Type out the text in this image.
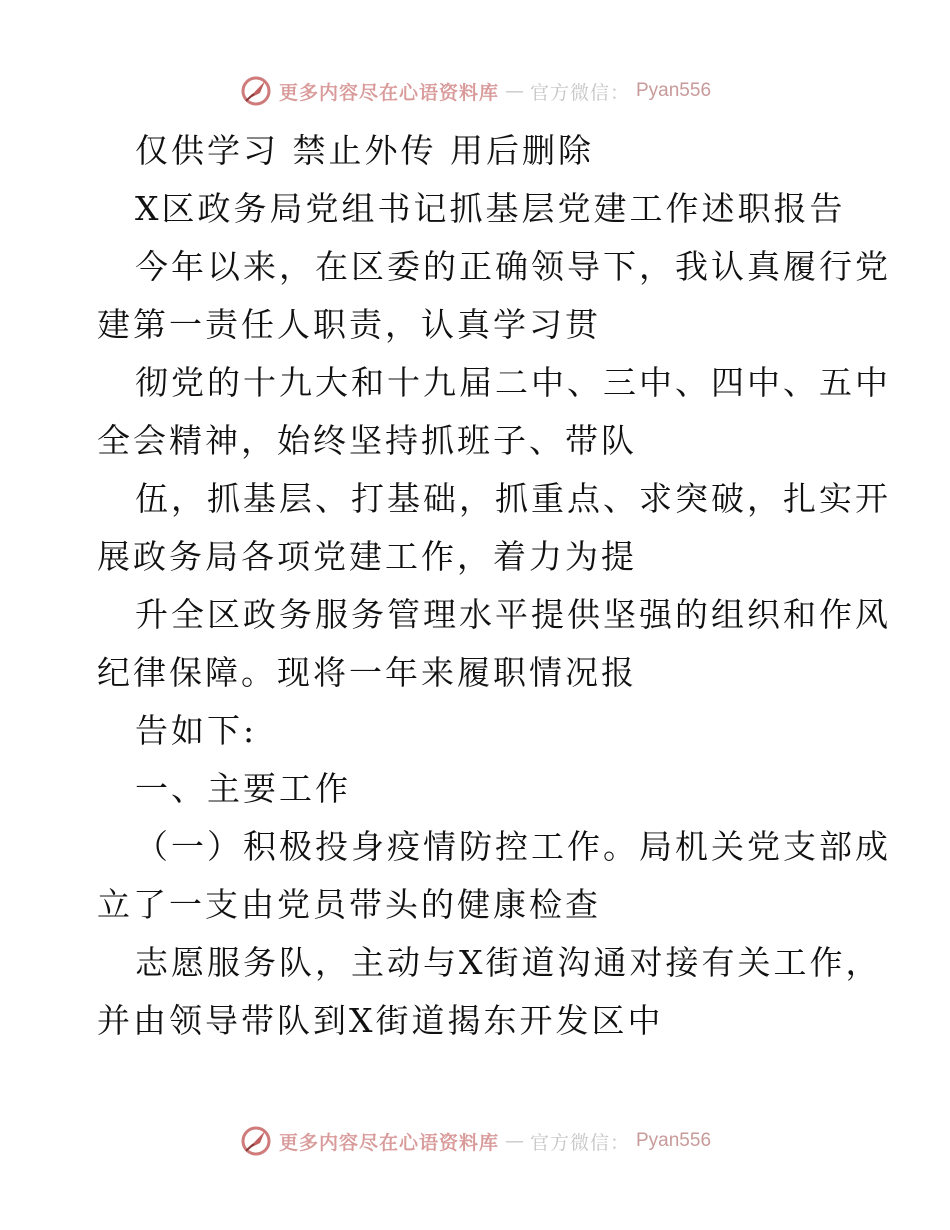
更多内容尽在心语资料库 — 官方微信： Pyan556
仅供学习 禁止外传 用后删除
X区政务局党组书记抓基层党建工作述职报告
今年以来，在区委的正确领导下，我认真履行党
建第一责任人职责，认真学习贯
彻党的十九大和十九届二中、三中、四中、五中
全会精神，始终坚持抓班子、带队
伍，抓基层、打基础，抓重点、求突破，扎实开
展政务局各项党建工作，着力为提
升全区政务服务管理水平提供坚强的组织和作风
纪律保障。现将一年来履职情况报
告如下:
一、主要工作
（一）积极投身疫情防控工作。局机关党支部成
立了一支由党员带头的健康检查
志愿服务队，主动与X街道沟通对接有关工作，
并由领导带队到X街道揭东开发区中
更多内容尽在心语资料库 — 官方微信： Pyan556
